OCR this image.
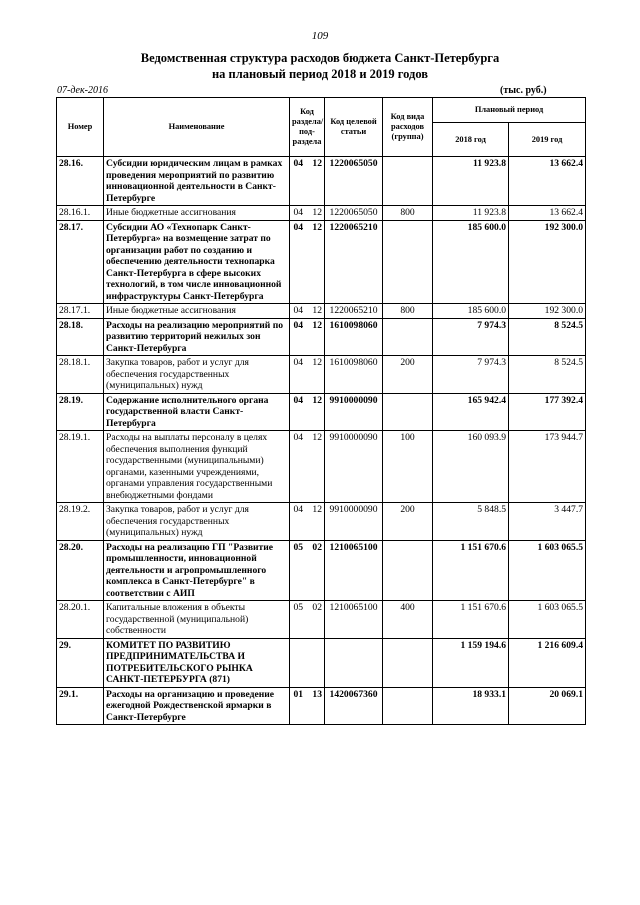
109
Ведомственная структура расходов бюджета Санкт-Петербурга
на плановый период 2018 и 2019 годов
07-дек-2016	(тыс. руб.)
Номер	Наименование	Код раздела/ под- раздела		Код целевой статьи	Код вида расходов (группа)	Плановый период	
						2018 год	2019 год
28.16.	Субсидии юридическим лицам в рамках проведения мероприятий по развитию инновационной деятельности в Санкт-Петербурге	04	12	1220065050		11 923.8	13 662.4
28.16.1.	Иные бюджетные ассигнования	04	12	1220065050	800	11 923.8	13 662.4
28.17.	Субсидии АО «Технопарк Санкт-Петербурга» на возмещение затрат по организации работ по созданию и обеспечению деятельности технопарка Санкт-Петербурга в сфере высоких технологий, в том числе инновационной инфраструктуры Санкт-Петербурга	04	12	1220065210		185 600.0	192 300.0
28.17.1.	Иные бюджетные ассигнования	04	12	1220065210	800	185 600.0	192 300.0
28.18.	Расходы на реализацию мероприятий по развитию территорий нежилых зон Санкт-Петербурга	04	12	1610098060		7 974.3	8 524.5
28.18.1.	Закупка товаров, работ и услуг для обеспечения государственных (муниципальных) нужд	04	12	1610098060	200	7 974.3	8 524.5
28.19.	Содержание исполнительного органа государственной власти Санкт-Петербурга	04	12	9910000090		165 942.4	177 392.4
28.19.1.	Расходы на выплаты персоналу в целях обеспечения выполнения функций государственными (муниципальными) органами, казенными учреждениями, органами управления государственными внебюджетными фондами	04	12	9910000090	100	160 093.9	173 944.7
28.19.2.	Закупка товаров, работ и услуг для обеспечения государственных (муниципальных) нужд	04	12	9910000090	200	5 848.5	3 447.7
28.20.	Расходы на реализацию ГП "Развитие промышленности, инновационной деятельности и агропромышленного комплекса в Санкт-Петербурге" в соответствии с АИП	05	02	1210065100		1 151 670.6	1 603 065.5
28.20.1.	Капитальные вложения в объекты государственной (муниципальной) собственности	05	02	1210065100	400	1 151 670.6	1 603 065.5
29.	КОМИТЕТ ПО РАЗВИТИЮ ПРЕДПРИНИМАТЕЛЬСТВА И ПОТРЕБИТЕЛЬСКОГО РЫНКА САНКТ-ПЕТЕРБУРГА (871)					1 159 194.6	1 216 609.4
29.1.	Расходы на организацию и проведение ежегодной Рождественской ярмарки в Санкт-Петербурге	01	13	1420067360		18 933.1	20 069.1
